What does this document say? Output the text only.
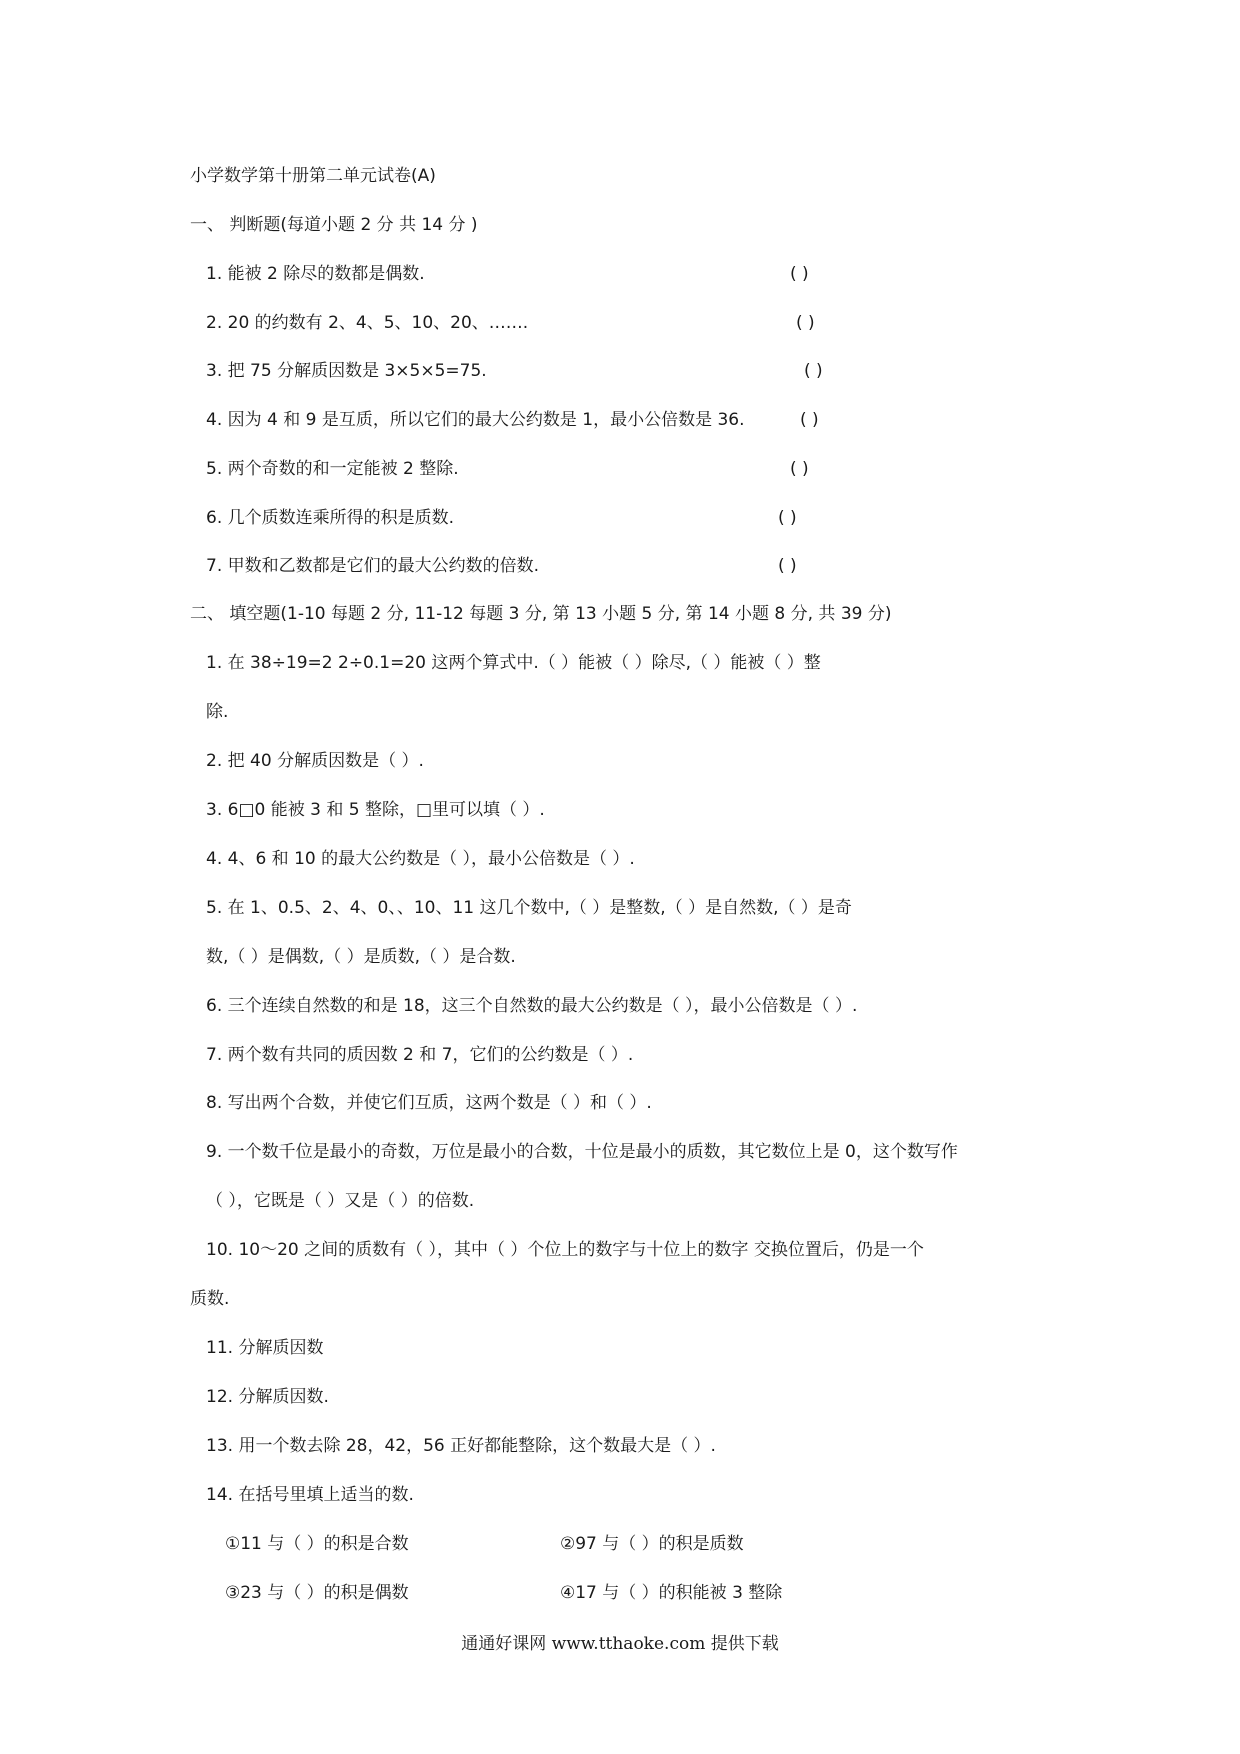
小学数学第十册第二单元试卷(A)
一、 判断题(每道小题 2 分 共 14 分 )
1. 能被 2 除尽的数都是偶数.	( )
2. 20 的约数有 2、4、5、10、20、…….	( )
3. 把 75 分解质因数是 3×5×5=75.	( )
4. 因为 4 和 9 是互质，所以它们的最大公约数是 1，最小公倍数是 36.	( )
5. 两个奇数的和一定能被 2 整除.	( )
6. 几个质数连乘所得的积是质数.	( )
7. 甲数和乙数都是它们的最大公约数的倍数.	( )
二、 填空题(1-10 每题 2 分, 11-12 每题 3 分, 第 13 小题 5 分, 第 14 小题 8 分, 共 39 分)
1. 在 38÷19=2 2÷0.1=20 这两个算式中.（ ）能被（ ）除尽,（ ）能被（ ）整
除.
2. 把 40 分解质因数是（ ）.
3. 6□0 能被 3 和 5 整除，□里可以填（ ）.
4. 4、6 和 10 的最大公约数是（ ），最小公倍数是（ ）.
5. 在 1、0.5、2、4、0、、10、11 这几个数中,（ ）是整数,（ ）是自然数,（ ）是奇
数,（ ）是偶数,（ ）是质数,（ ）是合数.
6. 三个连续自然数的和是 18，这三个自然数的最大公约数是（ ），最小公倍数是（ ）.
7. 两个数有共同的质因数 2 和 7，它们的公约数是（ ）.
8. 写出两个合数，并使它们互质，这两个数是（ ）和（ ）.
9. 一个数千位是最小的奇数，万位是最小的合数，十位是最小的质数，其它数位上是 0，这个数写作
（ ），它既是（ ）又是（ ）的倍数.
10. 10～20 之间的质数有（ ），其中（ ）个位上的数字与十位上的数字 交换位置后，仍是一个
质数.
11. 分解质因数
12. 分解质因数.
13. 用一个数去除 28，42，56 正好都能整除，这个数最大是（ ）.
14. 在括号里填上适当的数.
①11 与（ ）的积是合数	②97 与（ ）的积是质数
③23 与（ ）的积是偶数	④17 与（ ）的积能被 3 整除
通通好课网 www.tthaoke.com 提供下载
